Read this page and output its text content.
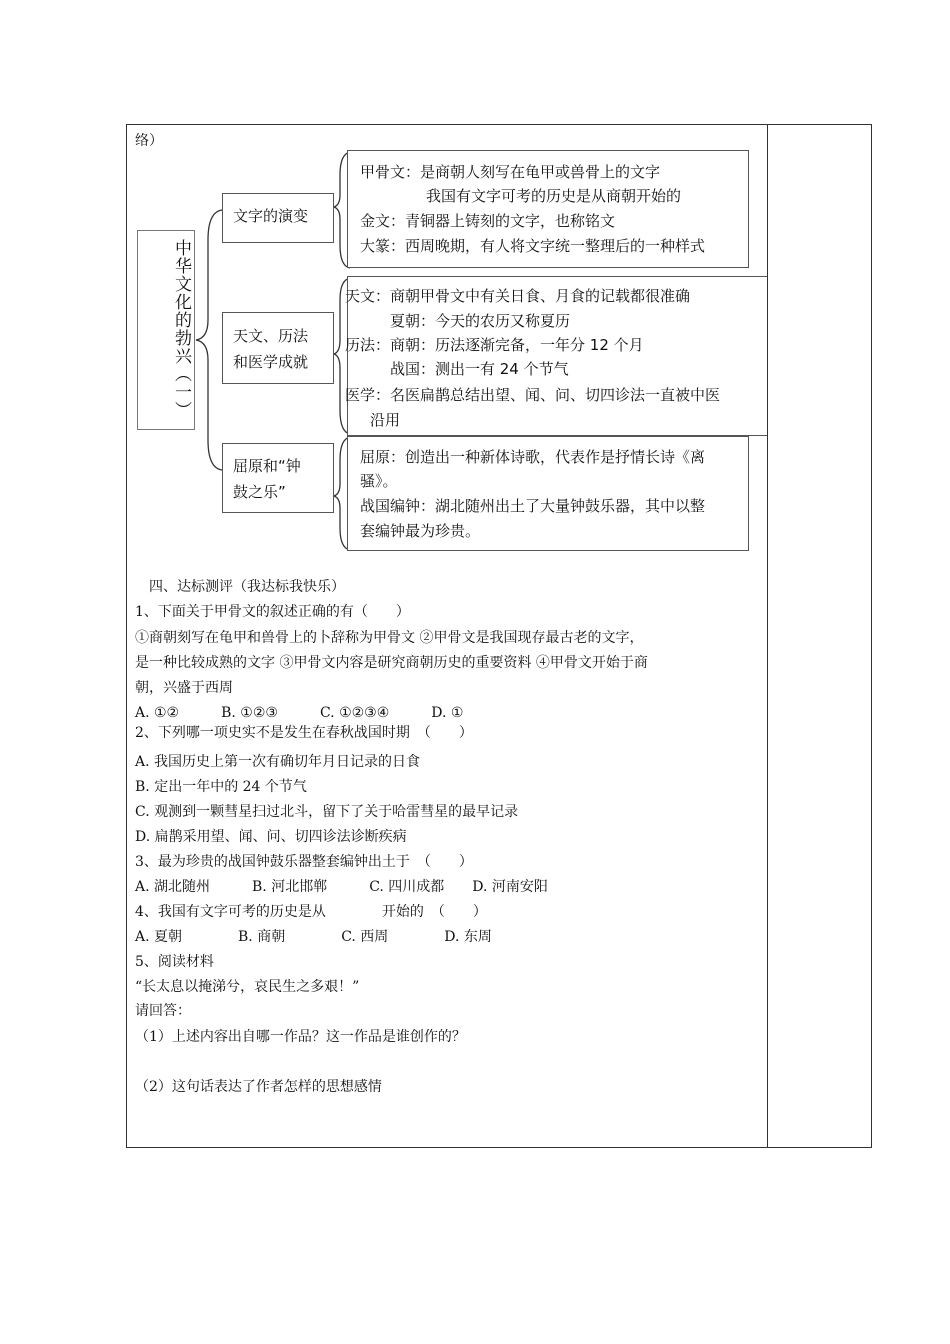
络）
中华文化的勃兴（一）
文字的演变
天文、历法
和医学成就
屈原和“钟
鼓之乐”
甲骨文：是商朝人刻写在龟甲或兽骨上的文字
我国有文字可考的历史是从商朝开始的
金文：青铜器上铸刻的文字，也称铭文
大篆：西周晚期，有人将文字统一整理后的一种样式
天文：商朝甲骨文中有关日食、月食的记载都很准确
夏朝：今天的农历又称夏历
历法：商朝：历法逐渐完备，一年分 12 个月
战国：测出一有 24 个节气
医学：名医扁鹊总结出望、闻、问、切四诊法一直被中医
沿用
屈原：创造出一种新体诗歌，代表作是抒情长诗《离
骚》。
战国编钟：湖北随州出土了大量钟鼓乐器，其中以整
套编钟最为珍贵。
四、达标测评（我达标我快乐）
1、下面关于甲骨文的叙述正确的有（　　）
①商朝刻写在龟甲和兽骨上的卜辞称为甲骨文 ②甲骨文是我国现存最古老的文字，
是一种比较成熟的文字 ③甲骨文内容是研究商朝历史的重要资料 ④甲骨文开始于商
朝，兴盛于西周
A. ①②　　　B. ①②③　　　C. ①②③④　　　D. ①
2、下列哪一项史实不是发生在春秋战国时期　（　　）
A. 我国历史上第一次有确切年月日记录的日食
B. 定出一年中的 24 个节气
C. 观测到一颗彗星扫过北斗，留下了关于哈雷彗星的最早记录
D. 扁鹊采用望、闻、问、切四诊法诊断疾病
3、最为珍贵的战国钟鼓乐器整套编钟出土于　（　　）
A. 湖北随州　　　B. 河北邯郸　　　C. 四川成都　　D. 河南安阳
4、我国有文字可考的历史是从　　　　开始的　（　　）
A. 夏朝　　　　B. 商朝　　　　C. 西周　　　　D. 东周
5、阅读材料
“长太息以掩涕兮，哀民生之多艰！”
请回答：
（1）上述内容出自哪一作品？这一作品是谁创作的？
（2）这句话表达了作者怎样的思想感情
